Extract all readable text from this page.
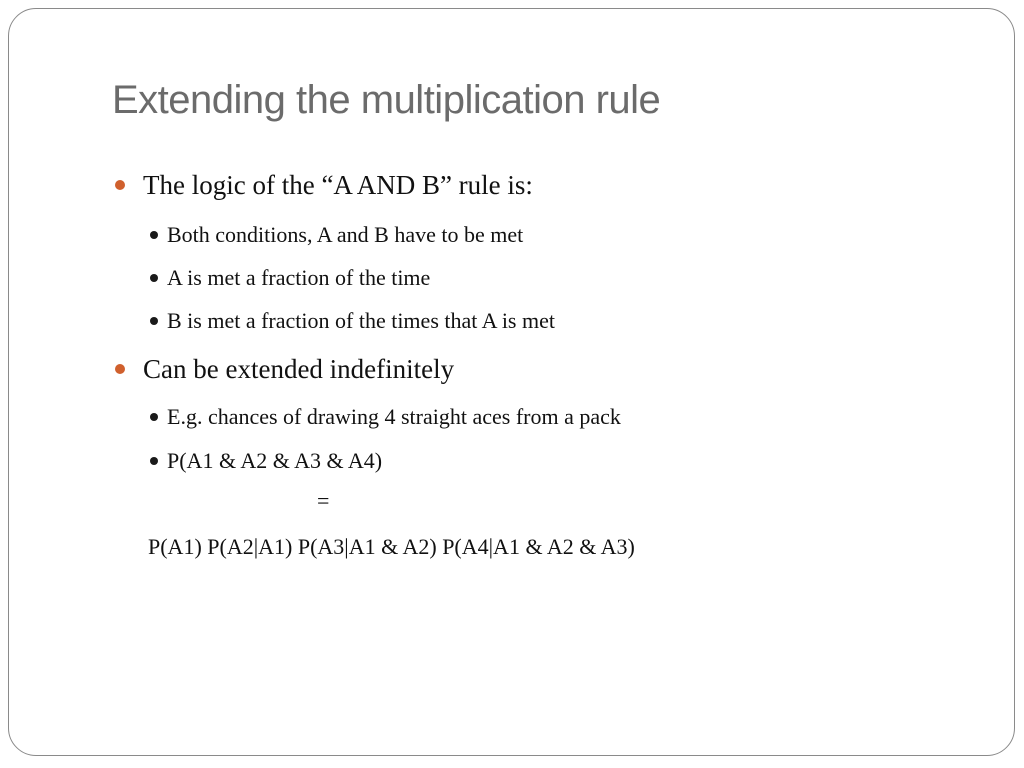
Extending the multiplication rule
The logic of the “A AND B” rule is:
Both conditions, A and B have to be met
A is met a fraction of the time
B is met a fraction of the times that A is met
Can be extended indefinitely
E.g. chances of drawing 4 straight aces from a pack
P(A1 & A2 & A3 & A4)
=
P(A1) P(A2|A1) P(A3|A1 & A2) P(A4|A1 & A2 & A3)
